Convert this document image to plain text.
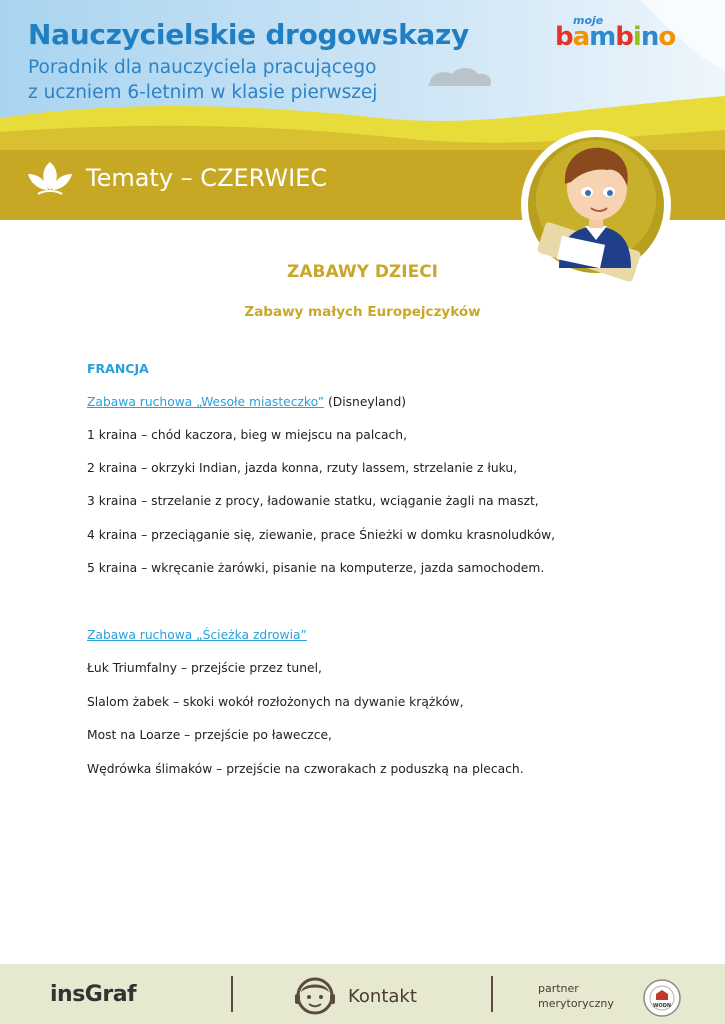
Nauczycielskie drogowskazy
Poradnik dla nauczyciela pracującego
z uczniem 6-letnim w klasie pierwszej
Tematy – CZERWIEC
moje
bambino
ZABAWY DZIECI
Zabawy małych Europejczyków
FRANCJA
Zabawa ruchowa „Wesołe miasteczko” (Disneyland)
1 kraina – chód kaczora, bieg w miejscu na palcach,
2 kraina – okrzyki Indian, jazda konna, rzuty lassem, strzelanie z łuku,
3 kraina – strzelanie z procy, ładowanie statku, wciąganie żagli na maszt,
4 kraina – przeciąganie się, ziewanie, prace Śnieżki w domku krasnoludków,
5 kraina – wkręcanie żarówki, pisanie na komputerze, jazda samochodem.
Zabawa ruchowa „Ścieżka zdrowia”
Łuk Triumfalny – przejście przez tunel,
Slalom żabek – skoki wokół rozłożonych na dywanie krążków,
Most na Loarze – przejście po ławeczce,
Wędrówka ślimaków – przejście na czworakach z poduszką na plecach.
insGraf	Kontakt	partner
merytoryczny	WODN
